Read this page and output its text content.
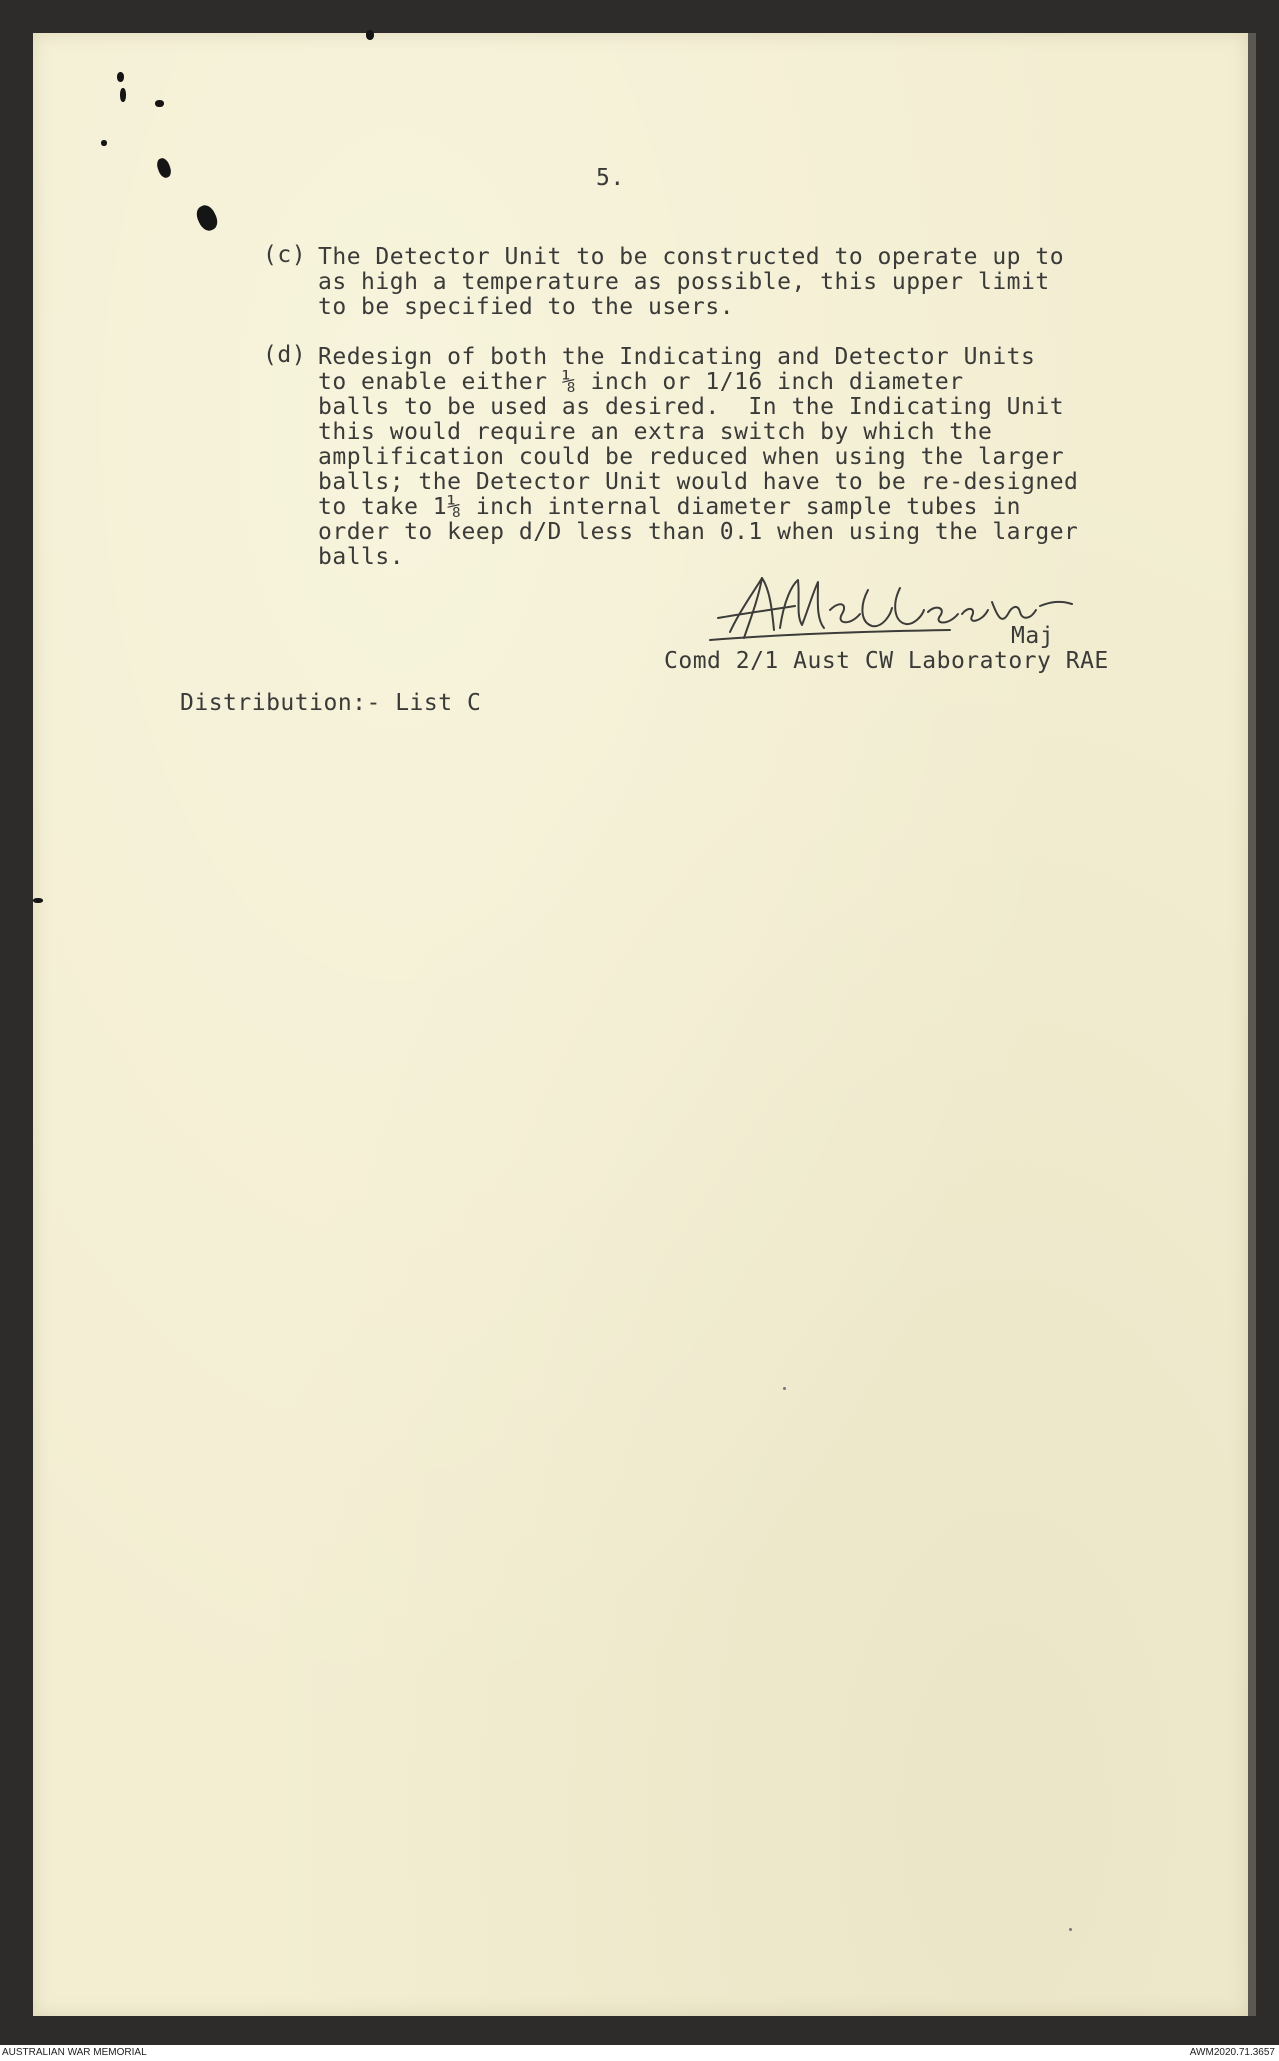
5.
(c) The Detector Unit to be constructed to operate up to
as high a temperature as possible, this upper limit
to be specified to the users.
(d) Redesign of both the Indicating and Detector Units
to enable either ⅛ inch or 1/16 inch diameter
balls to be used as desired.  In the Indicating Unit
this would require an extra switch by which the
amplification could be reduced when using the larger
balls; the Detector Unit would have to be re-designed
to take 1⅛ inch internal diameter sample tubes in
order to keep d/D less than 0.1 when using the larger
balls.
Maj
Comd 2/1 Aust CW Laboratory RAE
Distribution:- List C
AUSTRALIAN WAR MEMORIAL	AWM2020.71.3657
